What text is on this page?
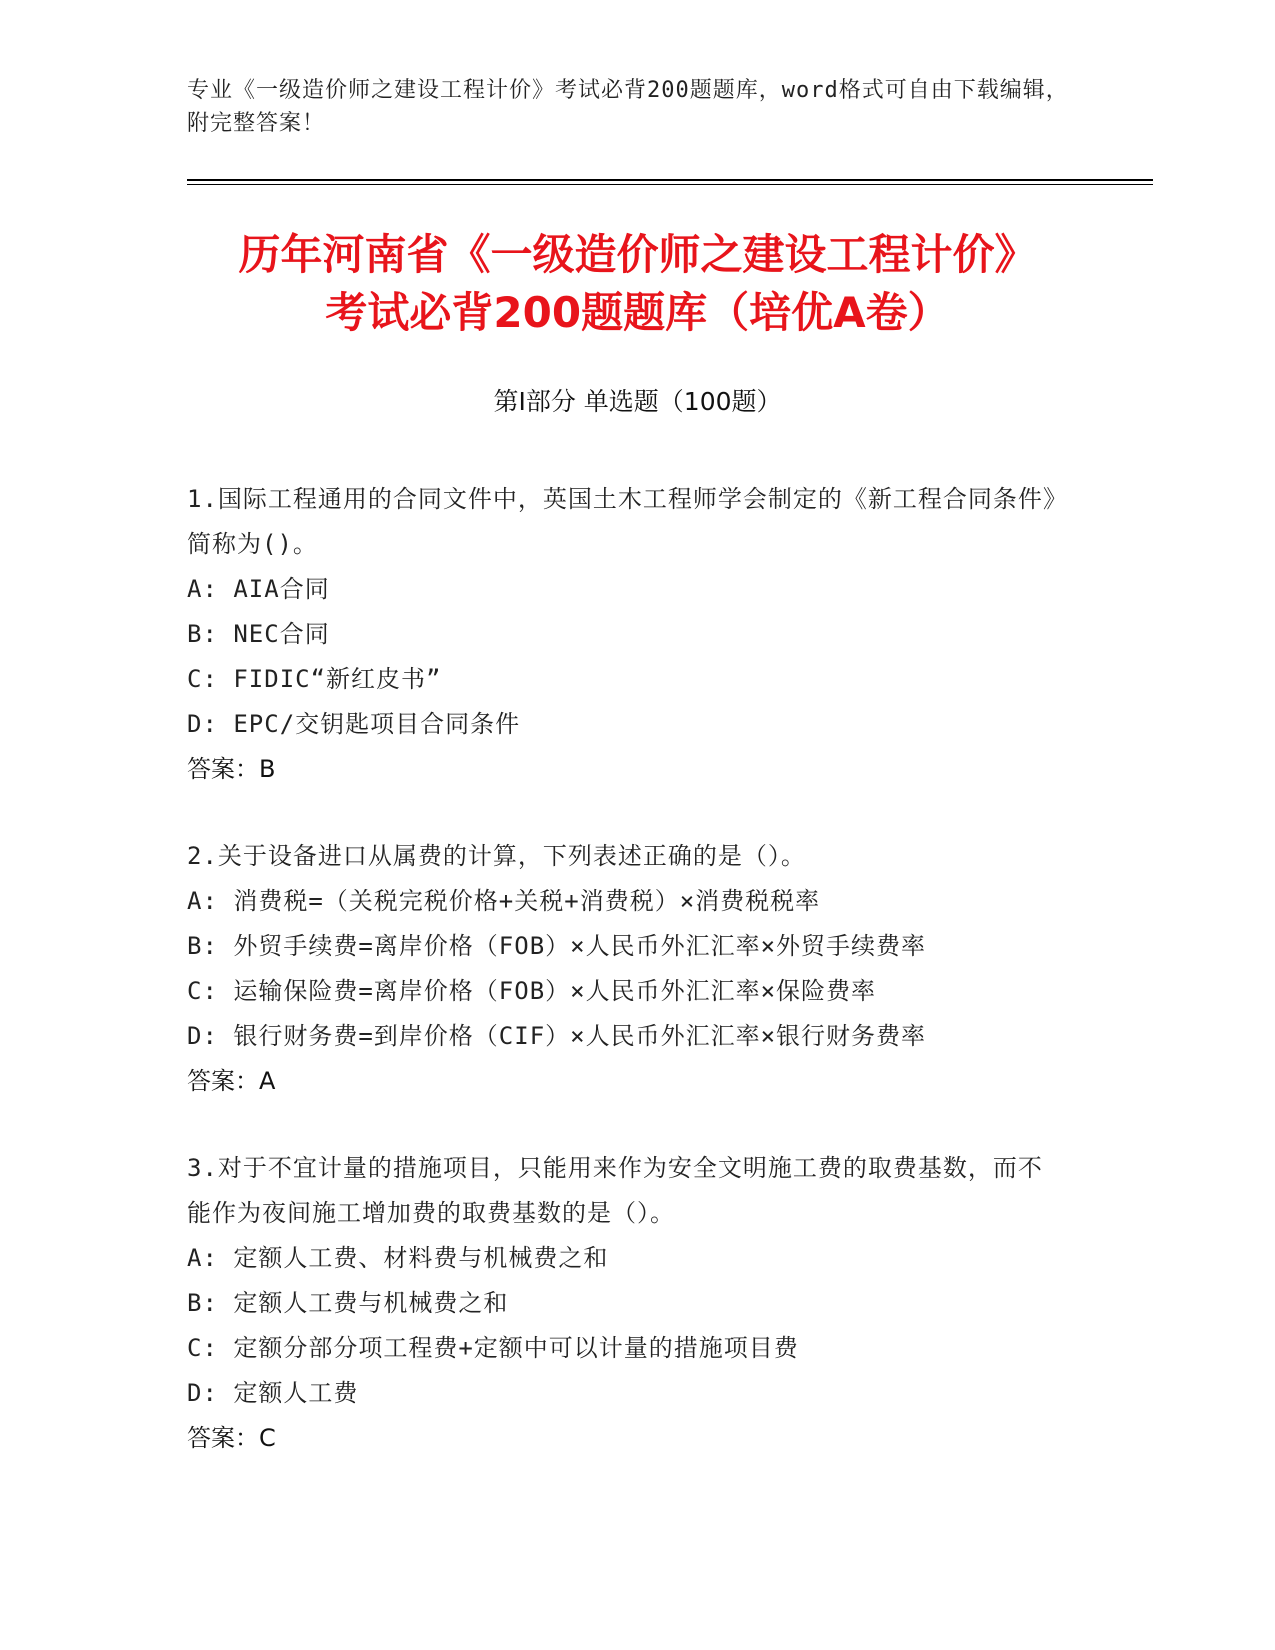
专业《一级造价师之建设工程计价》考试必背200题题库，word格式可自由下载编辑，附完整答案！
历年河南省《一级造价师之建设工程计价》
考试必背200题题库（培优A卷）
第Ⅰ部分 单选题（100题）
1.国际工程通用的合同文件中，英国土木工程师学会制定的《新工程合同条件》简称为()。
A: AIA合同
B: NEC合同
C: FIDIC“新红皮书”
D: EPC/交钥匙项目合同条件
答案：B
2.关于设备进口从属费的计算，下列表述正确的是（）。
A: 消费税=（关税完税价格+关税+消费税）×消费税税率
B: 外贸手续费=离岸价格（FOB）×人民币外汇汇率×外贸手续费率
C: 运输保险费=离岸价格（FOB）×人民币外汇汇率×保险费率
D: 银行财务费=到岸价格（CIF）×人民币外汇汇率×银行财务费率
答案：A
3.对于不宜计量的措施项目，只能用来作为安全文明施工费的取费基数，而不能作为夜间施工增加费的取费基数的是（）。
A: 定额人工费、材料费与机械费之和
B: 定额人工费与机械费之和
C: 定额分部分项工程费+定额中可以计量的措施项目费
D: 定额人工费
答案：C
